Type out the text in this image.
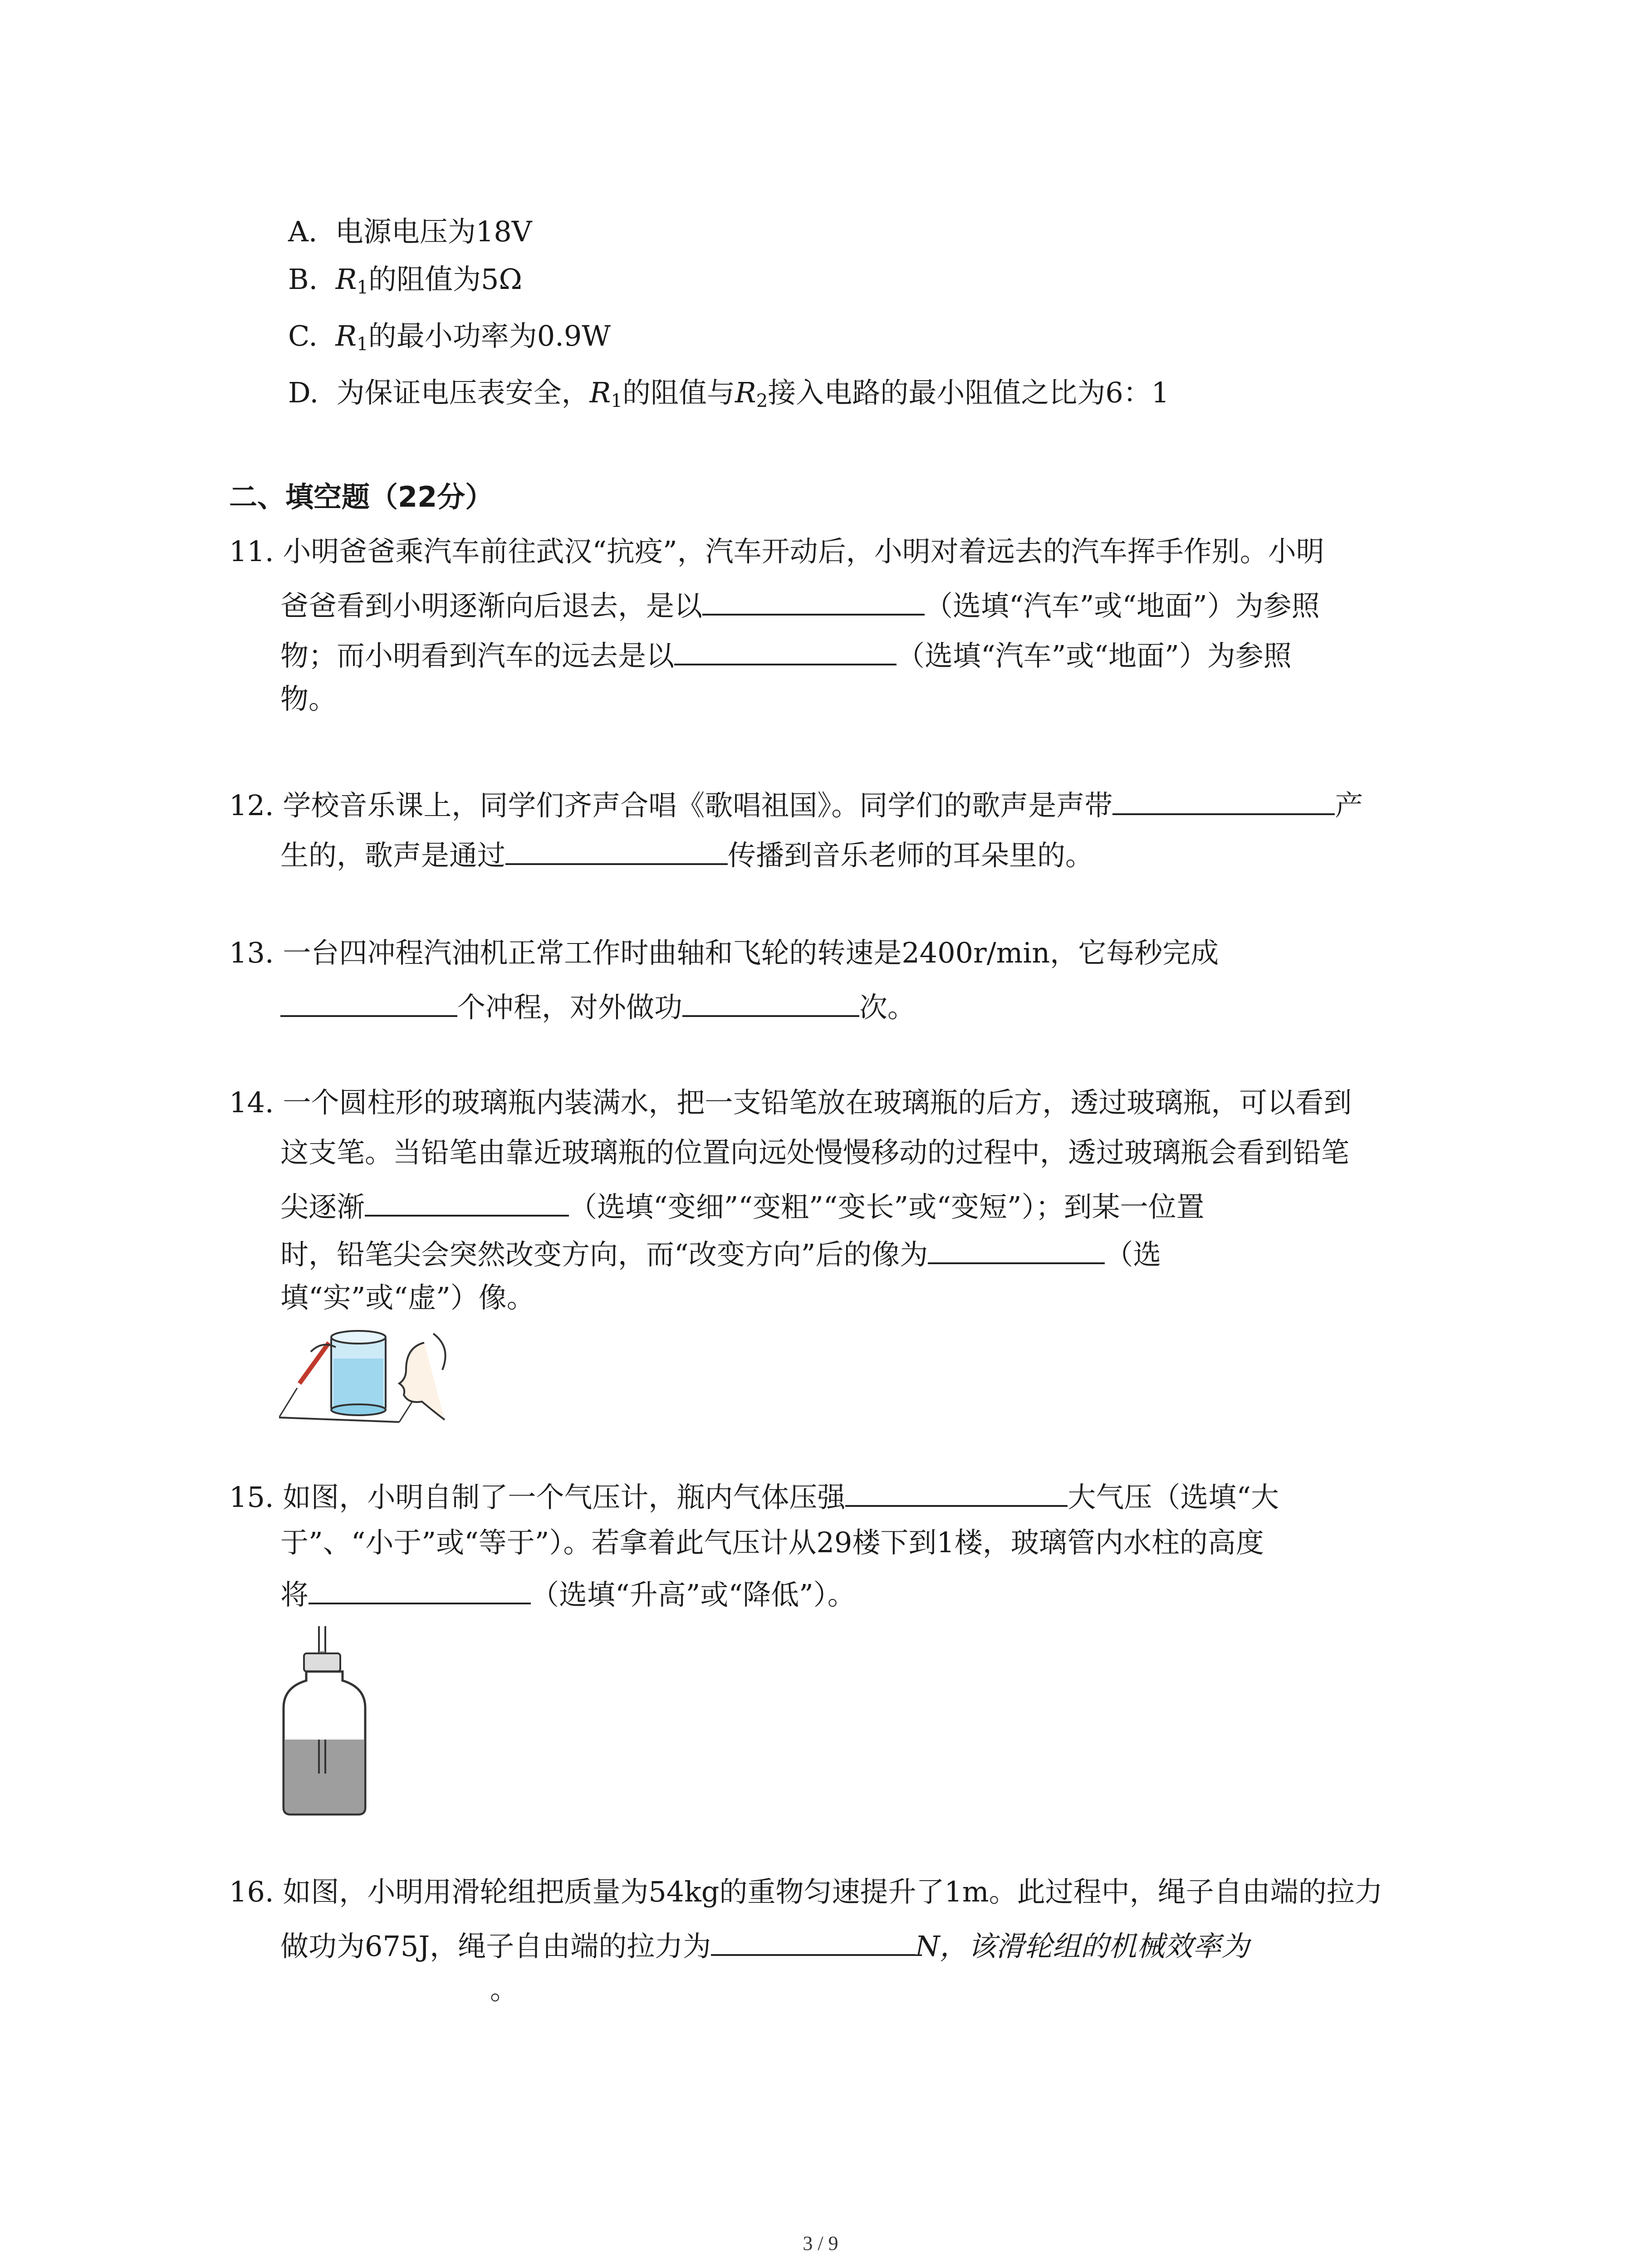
A. 电源电压为18V
B. $R_1$的阻值为5Ω
C. $R_1$的最小功率为0.9W
D. 为保证电压表安全，$R_1$的阻值与$R_2$接入电路的最小阻值之比为6：1
二、填空题（22分）
11. 小明爸爸乘汽车前往武汉“抗疫”，汽车开动后，小明对着远去的汽车挥手作别。小明
爸爸看到小明逐渐向后退去，是以	（选填“汽车”或“地面”）为参照
物；而小明看到汽车的远去是以	（选填“汽车”或“地面”）为参照
物。
12. 学校音乐课上，同学们齐声合唱《歌唱祖国》。同学们的歌声是声带	产
生的，歌声是通过	传播到音乐老师的耳朵里的。
13. 一台四冲程汽油机正常工作时曲轴和飞轮的转速是2400r/min，它每秒完成
个冲程，对外做功	次。
14. 一个圆柱形的玻璃瓶内装满水，把一支铅笔放在玻璃瓶的后方，透过玻璃瓶，可以看到
这支笔。当铅笔由靠近玻璃瓶的位置向远处慢慢移动的过程中，透过玻璃瓶会看到铅笔
尖逐渐	（选填“变细”“变粗”“变长”或“变短”）；到某一位置
时，铅笔尖会突然改变方向，而“改变方向”后的像为	（选
填“实”或“虚”）像。
15. 如图，小明自制了一个气压计，瓶内气体压强	大气压（选填“大
于”、“小于”或“等于”）。若拿着此气压计从29楼下到1楼，玻璃管内水柱的高度
将	（选填“升高”或“降低”）。
16. 如图，小明用滑轮组把质量为54kg的重物匀速提升了1m。此过程中，绳子自由端的拉力
做功为675J，绳子自由端的拉力为	N，该滑轮组的机械效率为
。
3 / 9
